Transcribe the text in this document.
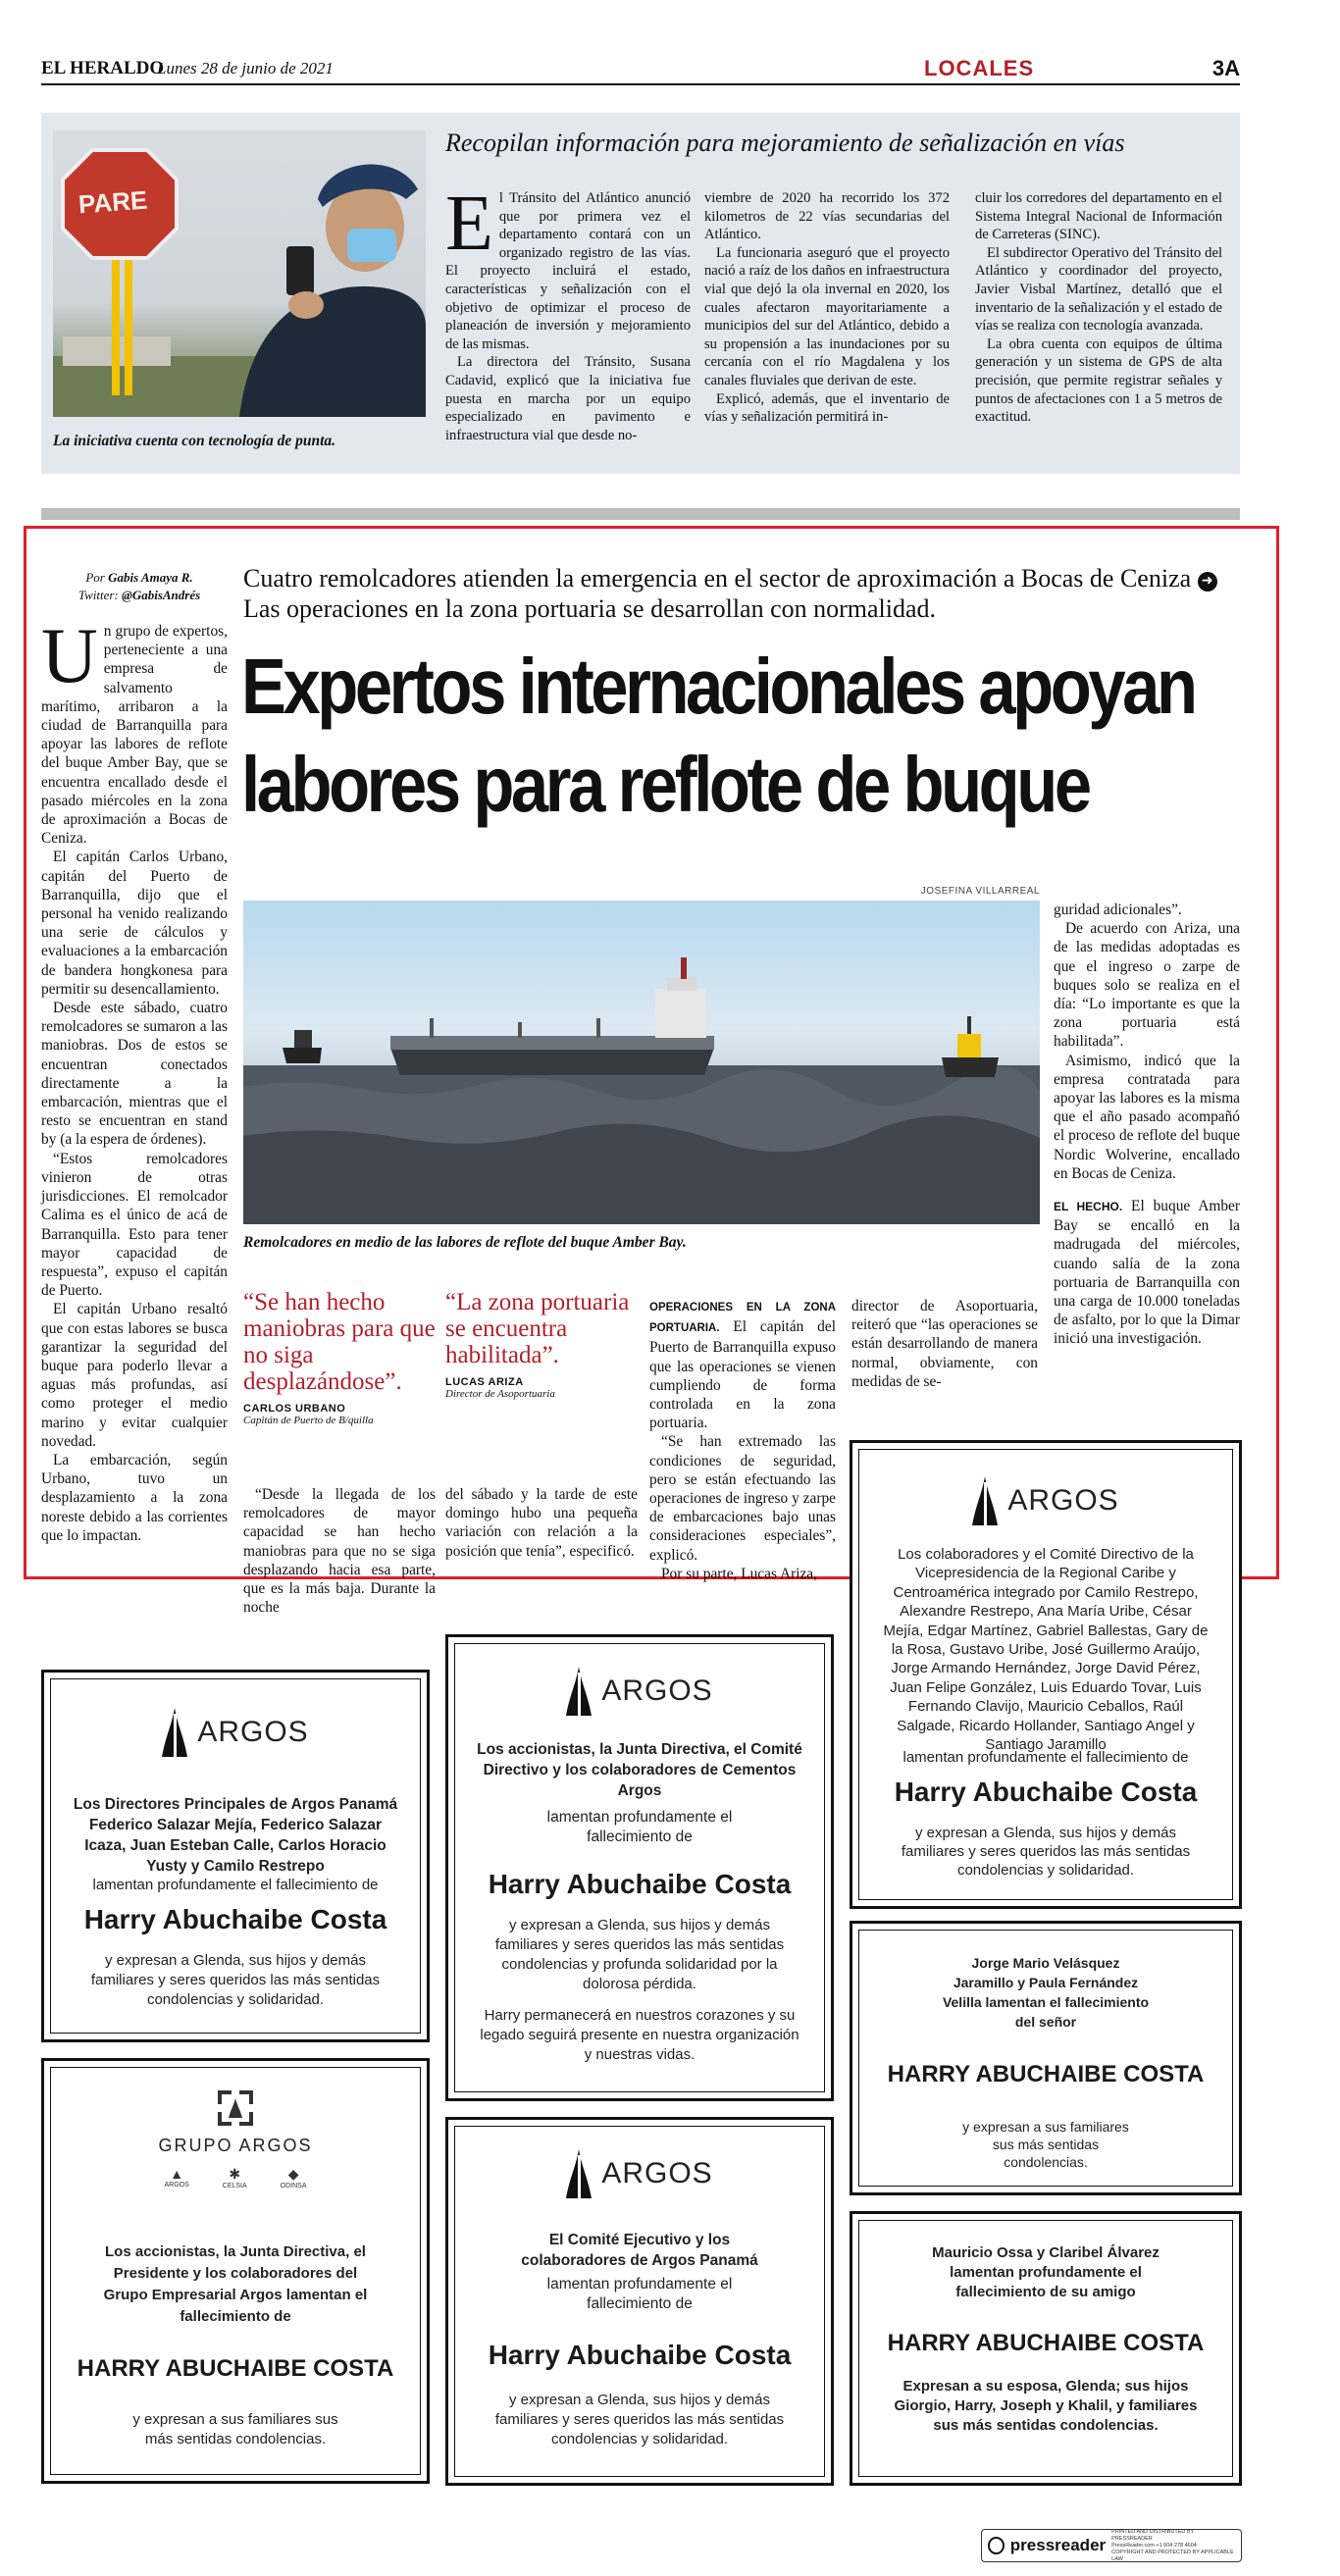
EL HERALDO
Lunes 28 de junio de 2021	LOCALES	3A
PARE
La iniciativa cuenta con tecnología de punta.
Recopilan información para mejoramiento de señalización en vías
E l Tránsito del Atlántico anunció que por primera vez el departamento contará con un organizado registro de las vías. El proyecto incluirá el estado, características y señalización con el objetivo de optimizar el proceso de planeación de inversión y mejoramiento de las mismas.

La directora del Tránsito, Susana Cadavid, explicó que la iniciativa fue puesta en marcha por un equipo especializado en pavimento e infraestructura vial que desde no-

viembre de 2020 ha recorrido los 372 kilometros de 22 vías secundarias del Atlántico.

La funcionaria aseguró que el proyecto nació a raíz de los daños en infraestructura vial que dejó la ola invernal en 2020, los cuales afectaron mayoritariamente a municipios del sur del Atlántico, debido a su propensión a las inundaciones por su cercanía con el río Magdalena y los canales fluviales que derivan de este.

Explicó, además, que el inventario de vías y señalización permitirá in-

cluir los corredores del departamento en el Sistema Integral Nacional de Información de Carreteras (SINC).

El subdirector Operativo del Tránsito del Atlántico y coordinador del proyecto, Javier Visbal Martínez, detalló que el inventario de la señalización y el estado de vías se realiza con tecnología avanzada.

La obra cuenta con equipos de última generación y un sistema de GPS de alta precisión, que permite registrar señales y puntos de afectaciones con 1 a 5 metros de exactitud.

Por Gabis Amaya R.
Twitter: @GabisAndrés
U n grupo de expertos, perteneciente a una empresa de salvamento marítimo, arribaron a la ciudad de Barranquilla para apoyar las labores de reflote del buque Amber Bay, que se encuentra encallado desde el pasado miércoles en la zona de aproximación a Bocas de Ceniza.

El capitán Carlos Urbano, capitán del Puerto de Barranquilla, dijo que el personal ha venido realizando una serie de cálculos y evaluaciones a la embarcación de bandera hongkonesa para permitir su desencallamiento.

Desde este sábado, cuatro remolcadores se sumaron a las maniobras. Dos de estos se encuentran conectados directamente a la embarcación, mientras que el resto se encuentran en stand by (a la espera de órdenes).

“Estos remolcadores vinieron de otras jurisdicciones. El remolcador Calima es el único de acá de Barranquilla. Esto para tener mayor capacidad de respuesta”, expuso el capitán de Puerto.

El capitán Urbano resaltó que con estas labores se busca garantizar la seguridad del buque para poderlo llevar a aguas más profundas, así como proteger el medio marino y evitar cualquier novedad.

La embarcación, según Urbano, tuvo un desplazamiento a la zona noreste debido a las corrientes que lo impactan.

Cuatro remolcadores atienden la emergencia en el sector de aproximación a Bocas de Ceniza ➜ Las operaciones en la zona portuaria se desarrollan con normalidad.
Expertos internacionales apoyan labores para reflote de buque
JOSEFINA VILLARREAL
Remolcadores en medio de las labores de reflote del buque Amber Bay.

guridad adicionales”.

De acuerdo con Ariza, una de las medidas adoptadas es que el ingreso o zarpe de buques solo se realiza en el día: “Lo importante es que la zona portuaria está habilitada”.

Asimismo, indicó que la empresa contratada para apoyar las labores es la misma que el año pasado acompañó el proceso de reflote del buque Nordic Wolverine, encallado en Bocas de Ceniza.

EL HECHO. El buque Amber Bay se encalló en la madrugada del miércoles, cuando salía de la zona portuaria de Barranquilla con una carga de 10.000 toneladas de asfalto, por lo que la Dimar inició una investigación.

“Se han hecho maniobras para que no siga desplazándose”.
CARLOS URBANO
Capitán de Puerto de B/quilla
“La zona portuaria se encuentra habilitada”.
LUCAS ARIZA
Director de Asoportuaria

OPERACIONES EN LA ZONA PORTUARIA. El capitán del Puerto de Barranquilla expuso que las operaciones se vienen cumpliendo de forma controlada en la zona portuaria.

“Se han extremado las condiciones de seguridad, pero se están efectuando las operaciones de ingreso y zarpe de embarcaciones bajo unas consideraciones especiales”, explicó.

Por su parte, Lucas Ariza,

director de Asoportuaria, reiteró que “las operaciones se están desarrollando de manera normal, obviamente, con medidas de se-

“Desde la llegada de los remolcadores de mayor capacidad se han hecho maniobras para que no se siga desplazando hacia esa parte, que es la más baja. Durante la noche

del sábado y la tarde de este domingo hubo una pequeña variación con relación a la posición que tenía”, especificó.

ARGOS
Los colaboradores y el Comité Directivo de la Vicepresidencia de la Regional Caribe y Centroamérica integrado por Camilo Restrepo, Alexandre Restrepo, Ana María Uribe, César Mejía, Edgar Martínez, Gabriel Ballestas, Gary de la Rosa, Gustavo Uribe, José Guillermo Araújo, Jorge Armando Hernández, Jorge David Pérez, Juan Felipe González, Luis Eduardo Tovar, Luis Fernando Clavijo, Mauricio Ceballos, Raúl Salgade, Ricardo Hollander, Santiago Angel y Santiago Jaramillo
lamentan profundamente el fallecimiento de
Harry Abuchaibe Costa
y expresan a Glenda, sus hijos y demás familiares y seres queridos las más sentidas condolencias y solidaridad.
ARGOS
Los Directores Principales de Argos Panamá Federico Salazar Mejía, Federico Salazar Icaza, Juan Esteban Calle, Carlos Horacio Yusty y Camilo Restrepo
lamentan profundamente el fallecimiento de
Harry Abuchaibe Costa
y expresan a Glenda, sus hijos y demás familiares y seres queridos las más sentidas condolencias y solidaridad.
ARGOS
Los accionistas, la Junta Directiva, el Comité Directivo y los colaboradores de Cementos Argos
lamentan profundamente el fallecimiento de
Harry Abuchaibe Costa
y expresan a Glenda, sus hijos y demás familiares y seres queridos las más sentidas condolencias y profunda solidaridad por la dolorosa pérdida.
Harry permanecerá en nuestros corazones y su legado seguirá presente en nuestra organización y nuestras vidas.
Jorge Mario Velásquez Jaramillo y Paula Fernández Velilla lamentan el fallecimiento del señor
HARRY ABUCHAIBE COSTA
y expresan a sus familiares sus más sentidas condolencias.
GRUPO ARGOS
▲
ARGOS
✱
CELSIA
◆
ODINSA
Los accionistas, la Junta Directiva, el Presidente y los colaboradores del Grupo Empresarial Argos lamentan el fallecimiento de
HARRY ABUCHAIBE COSTA
y expresan a sus familiares sus más sentidas condolencias.
ARGOS
El Comité Ejecutivo y los colaboradores de Argos Panamá
lamentan profundamente el fallecimiento de
Harry Abuchaibe Costa
y expresan a Glenda, sus hijos y demás familiares y seres queridos las más sentidas condolencias y solidaridad.
Mauricio Ossa y Claribel Álvarez lamentan profundamente el fallecimiento de su amigo
HARRY ABUCHAIBE COSTA
Expresan a su esposa, Glenda; sus hijos Giorgio, Harry, Joseph y Khalil, y familiares sus más sentidas condolencias.
pressreader
PRINTED AND DISTRIBUTED BY PRESSREADER
PressReader.com +1 604 278 4604
COPYRIGHT AND PROTECTED BY APPLICABLE LAW
